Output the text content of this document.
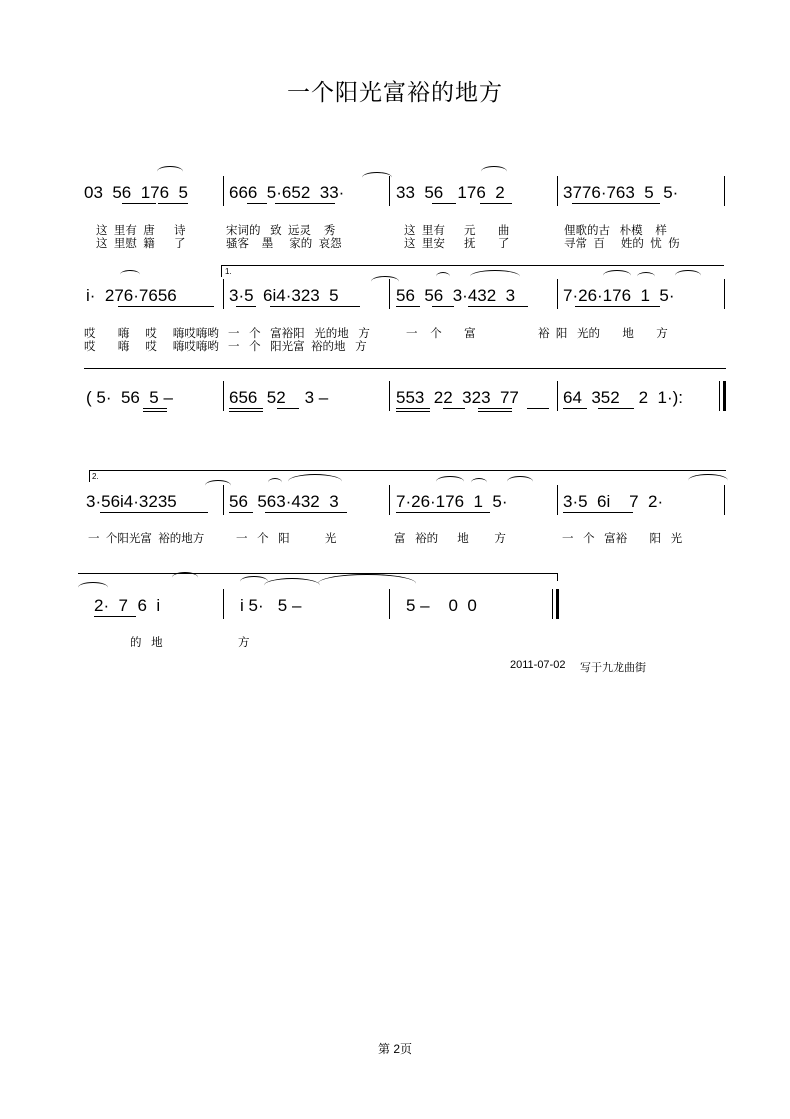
一个阳光富裕的地方
03  56  176  5 666  5·652  33·	33  56   176  2	3776·763  5  5·
这  里有  唐      诗	宋词的   致  远灵    秀	这  里有      元       曲	俚歌的古   朴模    样
这  里慰  籍      了	骚客    墨     家的  哀怨	这  里安      抚       了	寻常  百     姓的  忧  伤
1.
i·  276·7656	3·5  6i4·323  5	56  56  3·432  3	7·26·176  1  5·
哎       嗨     哎     嗨哎嗨哟 一   个   富裕阳   光的地   方	一    个       富	裕  阳   光的       地       方
哎       嗨     哎     嗨哎嗨哟 一   个   阳光富  裕的地   方
( 5·  56  5 –	656  52    3 –	553  22  323  77	64  352    2  1·):
2.
3·56i4·3235	56  563·432  3	7·26·176  1  5·	3·5  6i    7  2·
一  个阳光富  裕的地方	一   个   阳           光	富   裕的      地        方	一   个   富裕       阳   光
2·  7  6  i	i 5·   5 –	5 –    0  0
的   地	方
2011-07-02 写于九龙曲街
第 2页
